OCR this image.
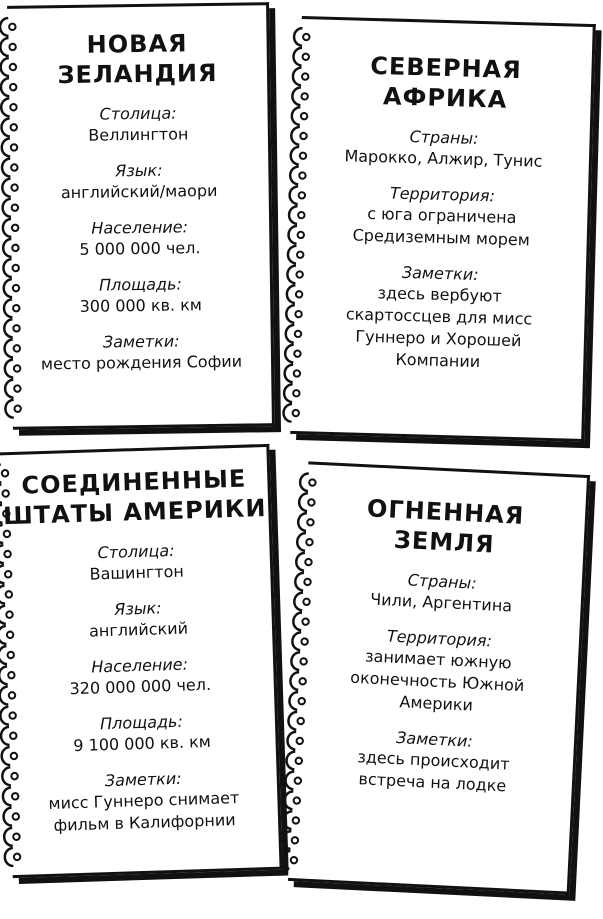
НОВАЯ
ЗЕЛАНДИЯ
Столица:
Веллингтон
Язык:
английский/маори
Население:
5 000 000 чел.
Площадь:
300 000 кв. км
Заметки:
место рождения Софии
СЕВЕРНАЯ
АФРИКА
Страны:
Марокко, Алжир, Тунис
Территория:
с юга ограничена
Средиземным морем
Заметки:
здесь вербуют
скартоссцев для мисс
Гуннеро и Хорошей
Компании
СОЕДИНЕННЫЕ
ШТАТЫ АМЕРИКИ
Столица:
Вашингтон
Язык:
английский
Население:
320 000 000 чел.
Площадь:
9 100 000 кв. км
Заметки:
мисс Гуннеро снимает
фильм в Калифорнии
ОГНЕННАЯ
ЗЕМЛЯ
Страны:
Чили, Аргентина
Территория:
занимает южную
оконечность Южной
Америки
Заметки:
здесь происходит
встреча на лодке
